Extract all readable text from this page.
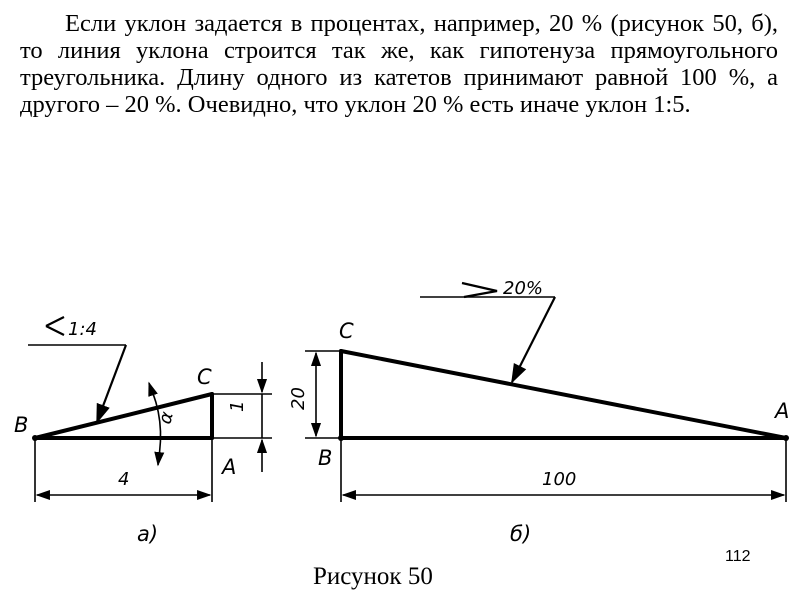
Если уклон задается в процентах, например, 20 % (рисунок 50, б), то линия уклона строится так же, как гипотенуза прямоугольного треугольника. Длину одного из катетов принимают равной 100 %, а другого – 20 %. Очевидно, что уклон 20 % есть иначе уклон 1:5.

1:4
α
1
4
B
C
A
а)
20%
20
100
C
B
A
б)
112
Рисунок 50
